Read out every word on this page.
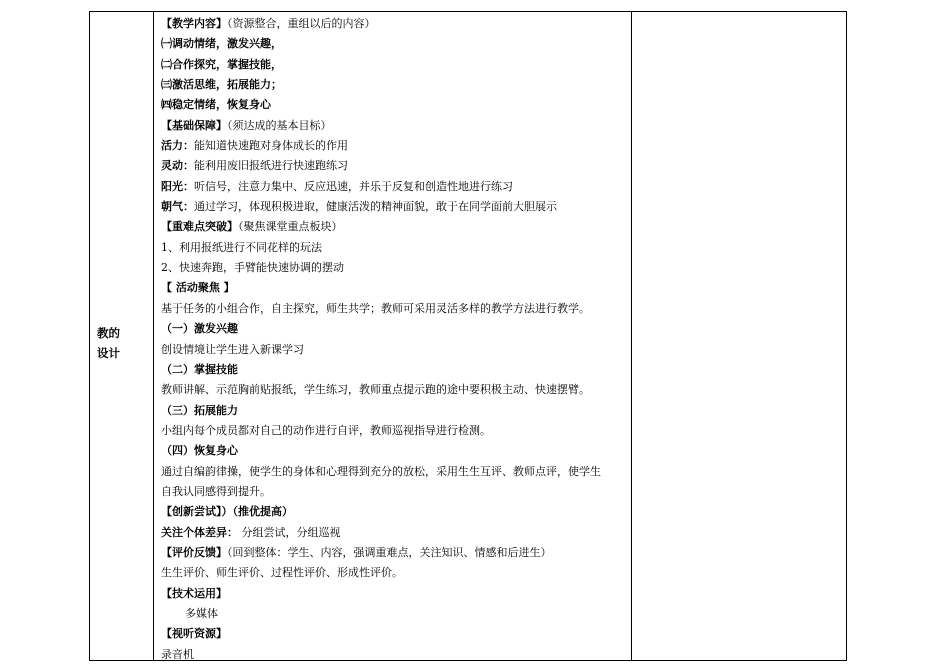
教的
设计
【教学内容】（资源整合，重组以后的内容）
㈠调动情绪，激发兴趣，
㈡合作探究，掌握技能，
㈢激活思维，拓展能力；
㈣稳定情绪，恢复身心
【基础保障】（须达成的基本目标）
活力：能知道快速跑对身体成长的作用
灵动：能利用废旧报纸进行快速跑练习
阳光：听信号，注意力集中、反应迅速，并乐于反复和创造性地进行练习
朝气：通过学习，体现积极进取，健康活泼的精神面貌，敢于在同学面前大胆展示
【重难点突破】（聚焦课堂重点板块）
1、利用报纸进行不同花样的玩法
2、快速奔跑，手臂能快速协调的摆动
【 活动聚焦 】
基于任务的小组合作，自主探究，师生共学；教师可采用灵活多样的教学方法进行教学。
（一）激发兴趣
创设情境让学生进入新课学习
（二）掌握技能
教师讲解、示范胸前贴报纸，学生练习，教师重点提示跑的途中要积极主动、快速摆臂。
（三）拓展能力
小组内每个成员都对自己的动作进行自评，教师巡视指导进行检测。
（四）恢复身心
通过自编韵律操，使学生的身体和心理得到充分的放松，采用生生互评、教师点评，使学生
自我认同感得到提升。
【创新尝试】）（推优提高）
关注个体差异： 分组尝试，分组巡视
【评价反馈】（回到整体：学生、内容，强调重难点，关注知识、情感和后进生）
生生评价、师生评价、过程性评价、形成性评价。
【技术运用】
多媒体
【视听资源】
录音机
